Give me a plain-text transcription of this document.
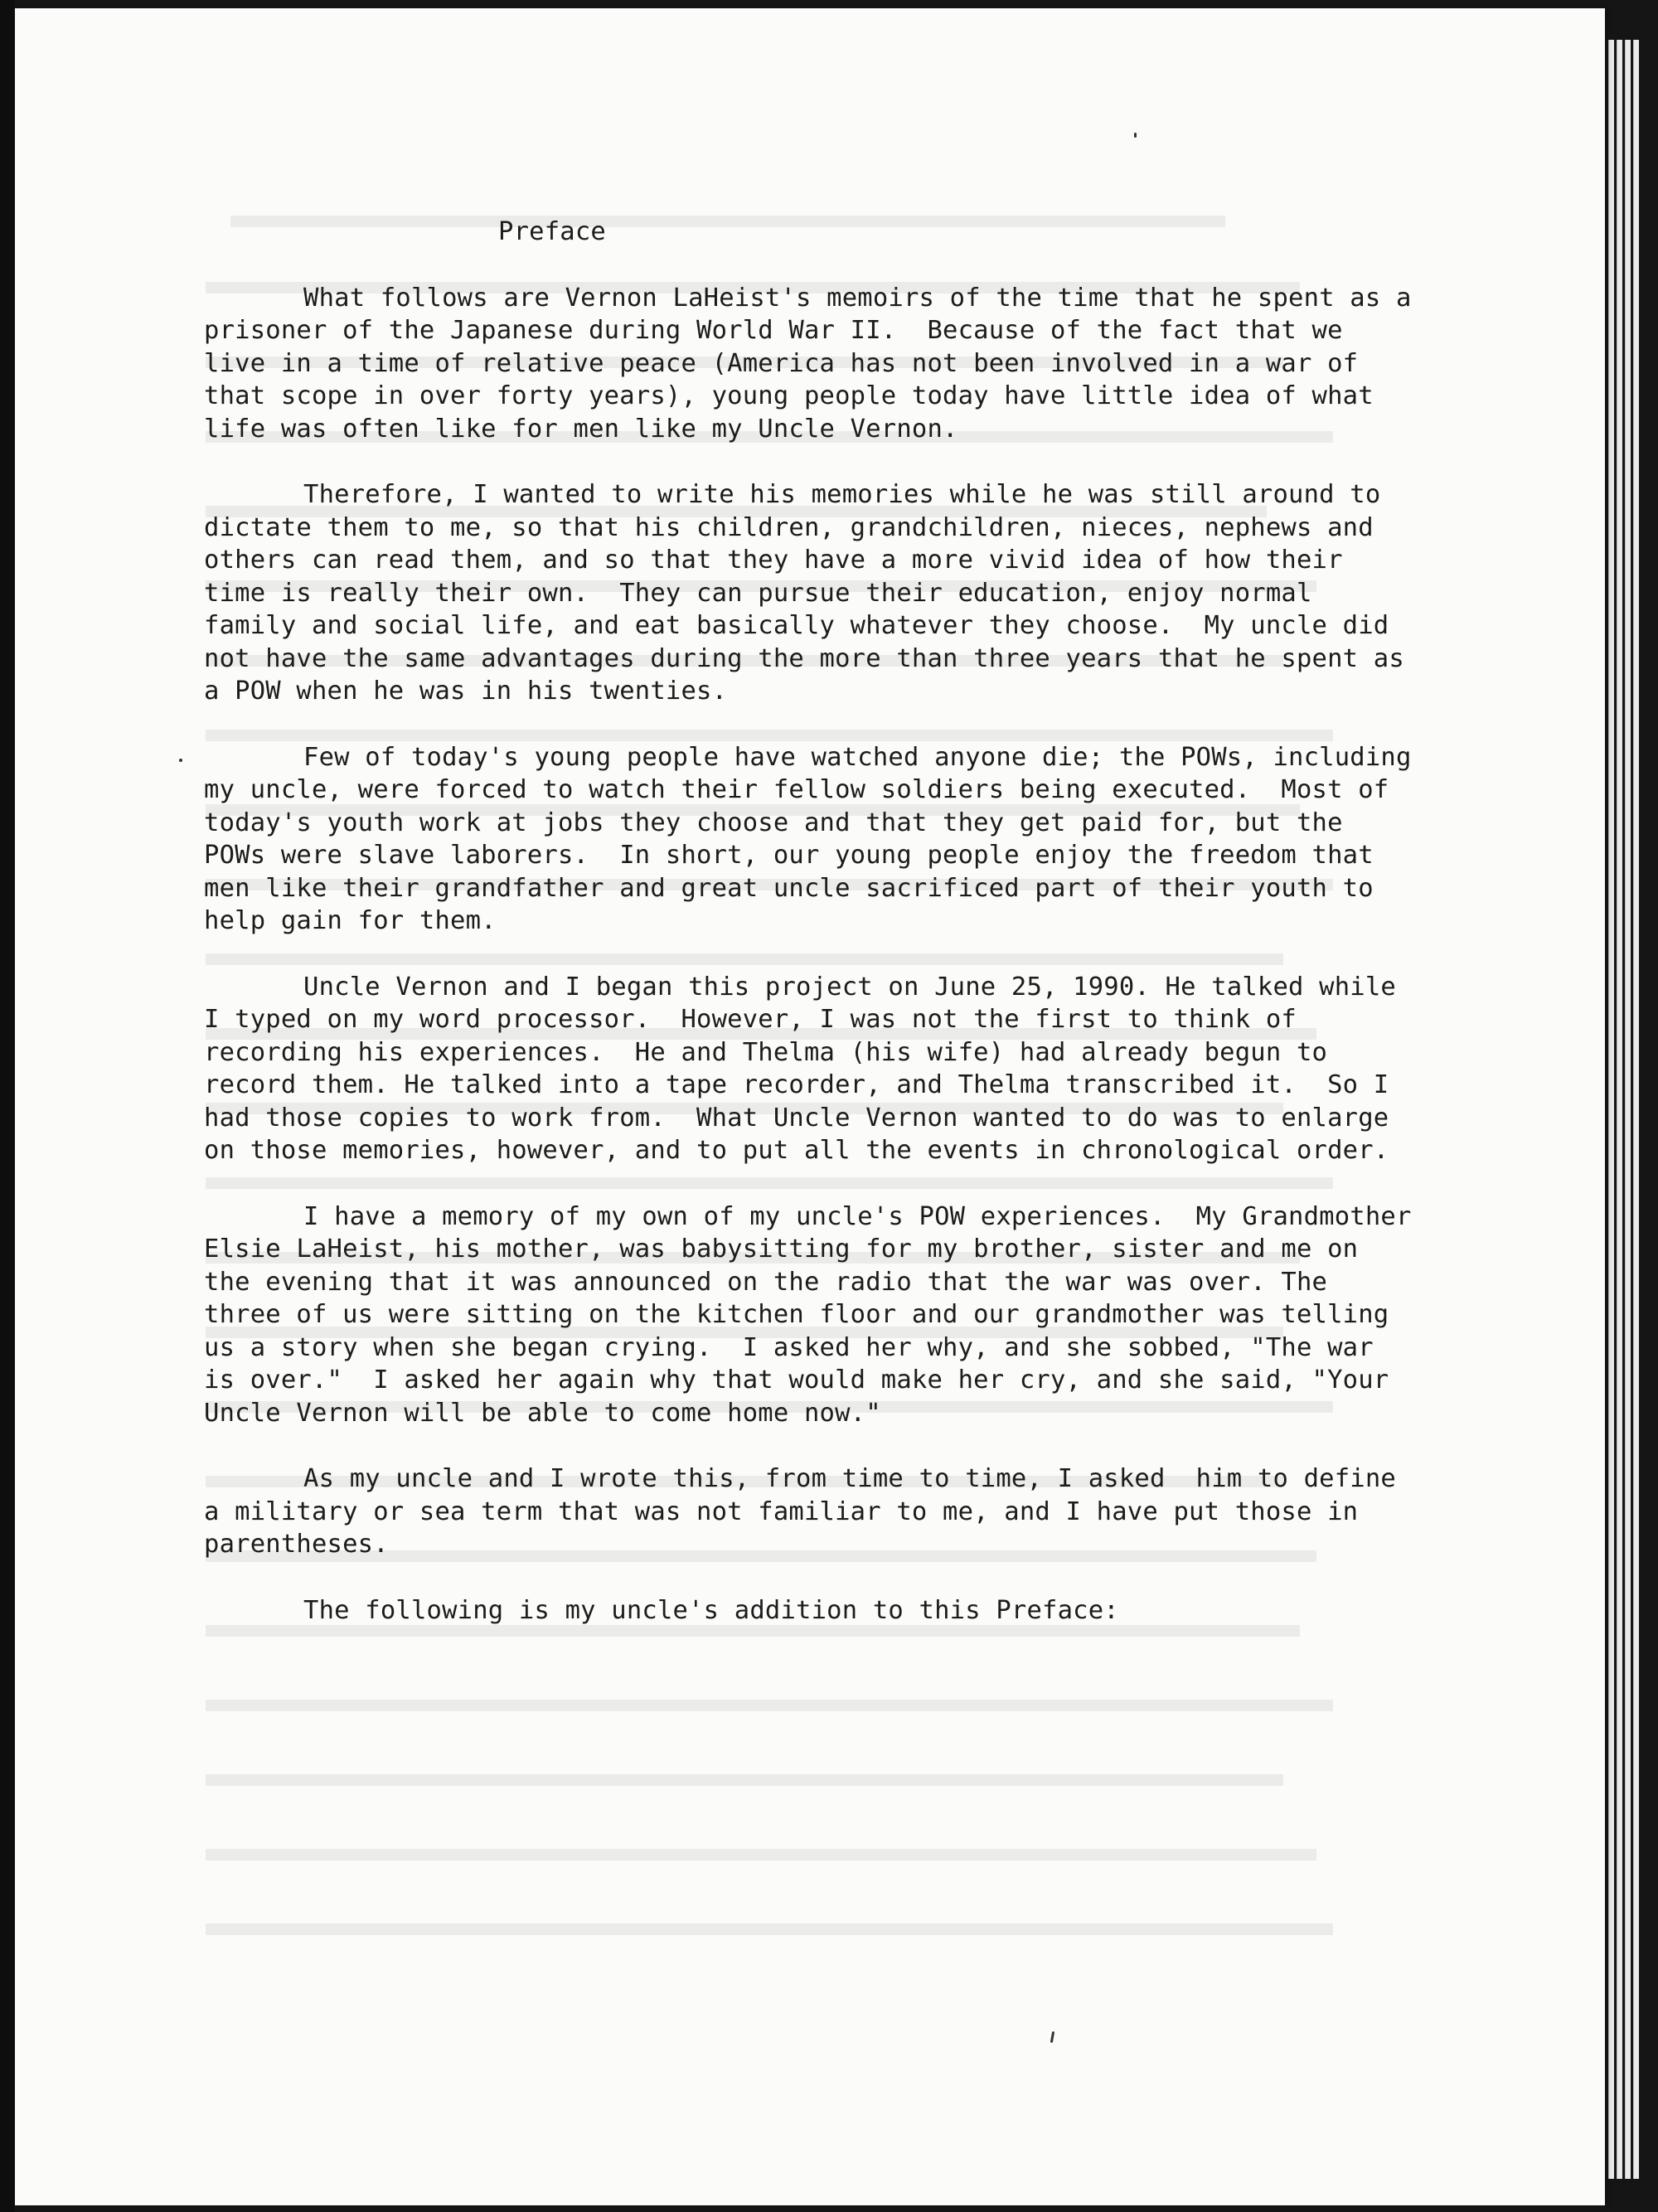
Preface

What follows are Vernon LaHeist's memoirs of the time that he spent as a prisoner of the Japanese during World War II.  Because of the fact that we live in a time of relative peace (America has not been involved in a war of that scope in over forty years), young people today have little idea of what life was often like for men like my Uncle Vernon.

Therefore, I wanted to write his memories while he was still around to dictate them to me, so that his children, grandchildren, nieces, nephews and others can read them, and so that they have a more vivid idea of how their time is really their own.  They can pursue their education, enjoy normal family and social life, and eat basically whatever they choose.  My uncle did not have the same advantages during the more than three years that he spent as a POW when he was in his twenties.

Few of today's young people have watched anyone die; the POWs, including my uncle, were forced to watch their fellow soldiers being executed.  Most of today's youth work at jobs they choose and that they get paid for, but the POWs were slave laborers.  In short, our young people enjoy the freedom that men like their grandfather and great uncle sacrificed part of their youth to help gain for them.

Uncle Vernon and I began this project on June 25, 1990. He talked while I typed on my word processor.  However, I was not the first to think of recording his experiences.  He and Thelma (his wife) had already begun to record them. He talked into a tape recorder, and Thelma transcribed it.  So I had those copies to work from.  What Uncle Vernon wanted to do was to enlarge on those memories, however, and to put all the events in chronological order.

I have a memory of my own of my uncle's POW experiences.  My Grandmother Elsie LaHeist, his mother, was babysitting for my brother, sister and me on the evening that it was announced on the radio that the war was over. The three of us were sitting on the kitchen floor and our grandmother was telling us a story when she began crying.  I asked her why, and she sobbed, "The war is over."  I asked her again why that would make her cry, and she said, "Your Uncle Vernon will be able to come home now."

As my uncle and I wrote this, from time to time, I asked  him to define a military or sea term that was not familiar to me, and I have put those in parentheses.

The following is my uncle's addition to this Preface:
